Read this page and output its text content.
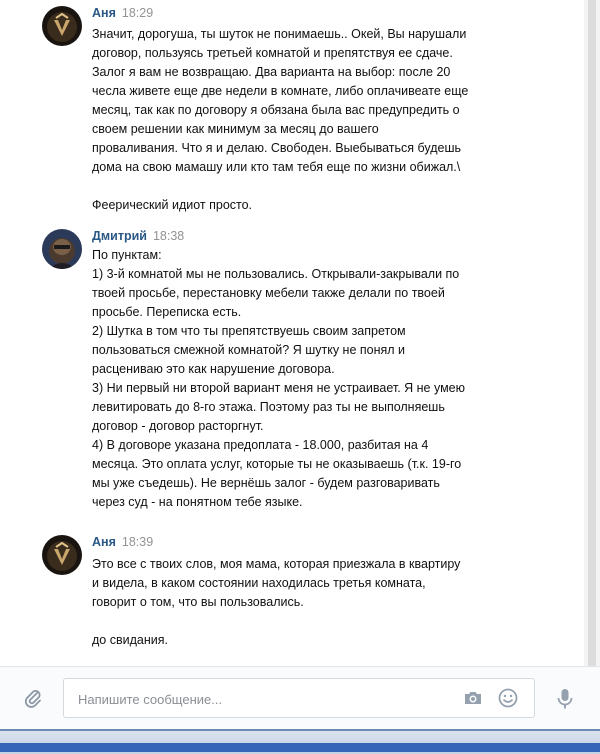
Аня 18:29

Значит, дорогуша, ты шуток не понимаешь.. Окей, Вы нарушали
договор, пользуясь третьей комнатой и препятствуя ее сдаче.
Залог я вам не возвращаю. Два варианта на выбор: после 20
чесла живете еще две недели в комнате, либо оплачивеате еще
месяц, так как по договору я обязана была вас предупредить о
своем решении как минимум за месяц до вашего
проваливания. Что я и делаю. Свободен. Выебываться будешь
дома на свою мамашу или кто там тебя еще по жизни обижал.\

Феерический идиот просто.

Дмитрий 18:38

По пунктам:
1) 3-й комнатой мы не пользовались. Открывали-закрывали по
твоей просьбе, перестановку мебели также делали по твоей
просьбе. Переписка есть.
2) Шутка в том что ты препятствуешь своим запретом
пользоваться смежной комнатой? Я шутку не понял и
расцениваю это как нарушение договора.
3) Ни первый ни второй вариант меня не устраивает. Я не умею
левитировать до 8-го этажа. Поэтому раз ты не выполняешь
договор - договор расторгнут.
4) В договоре указана предоплата - 18.000, разбитая на 4
месяца. Это оплата услуг, которые ты не оказываешь (т.к. 19-го
мы уже съедешь). Не вернёшь залог - будем разговаривать
через суд - на понятном тебе языке.

Аня 18:39

Это все с твоих слов, моя мама, которая приезжала в квартиру
и видела, в каком состоянии находилась третья комната,
говорит о том, что вы пользовались.

до свидания.

Напишите сообщение...
